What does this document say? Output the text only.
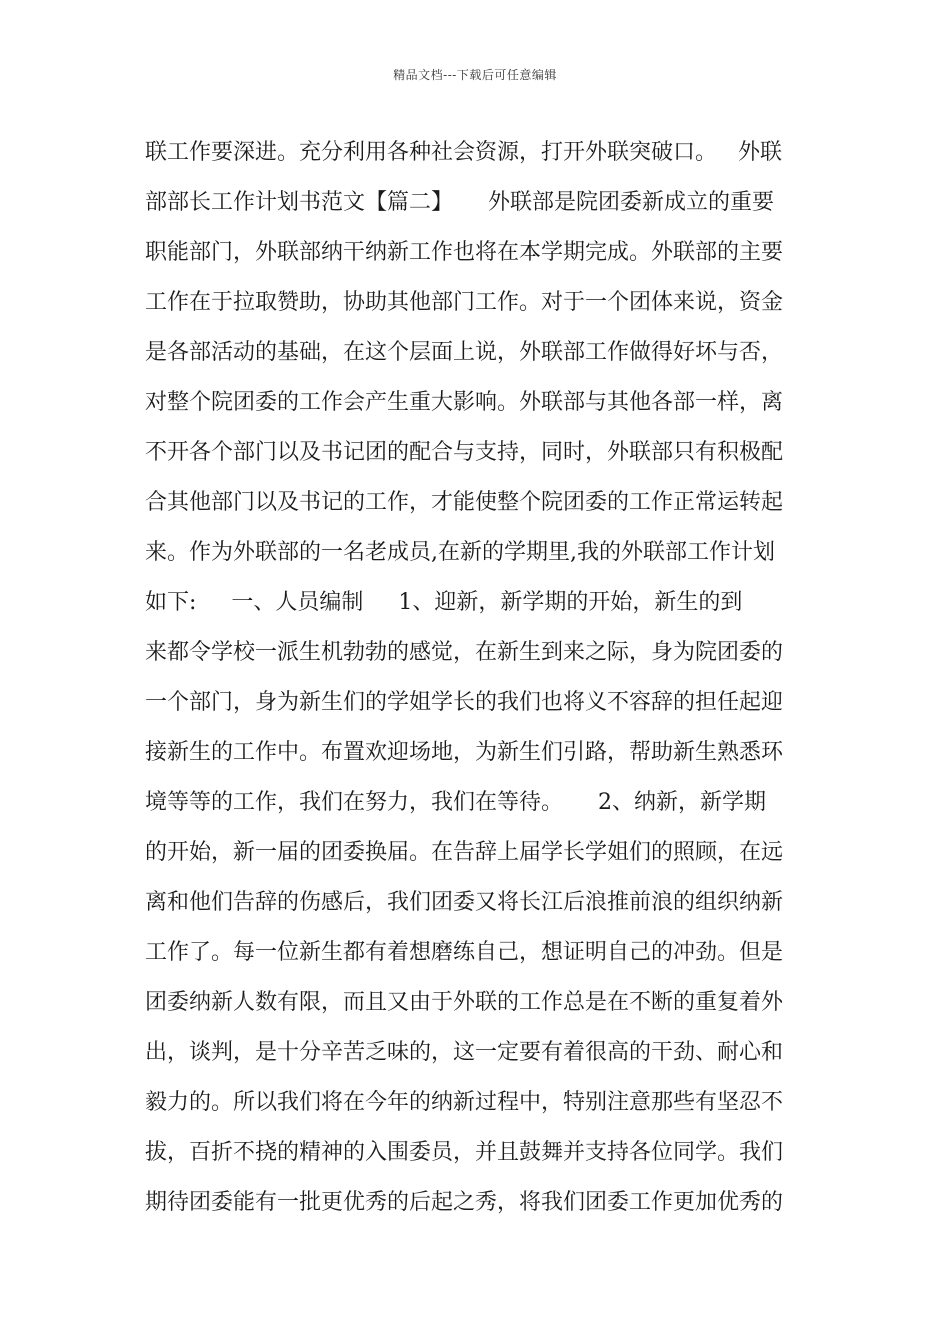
精品文档---下载后可任意编辑
联工作要深进。充分利用各种社会资源，打开外联突破口。   外联
部部长工作计划书范文【篇二】     外联部是院团委新成立的重要
职能部门，外联部纳干纳新工作也将在本学期完成。外联部的主要
工作在于拉取赞助，协助其他部门工作。对于一个团体来说，资金
是各部活动的基础，在这个层面上说，外联部工作做得好坏与否，
对整个院团委的工作会产生重大影响。外联部与其他各部一样，离
不开各个部门以及书记团的配合与支持，同时，外联部只有积极配
合其他部门以及书记的工作，才能使整个院团委的工作正常运转起
来。作为外联部的一名老成员,在新的学期里,我的外联部工作计划
如下:     一、人员编制     1、迎新，新学期的开始，新生的到
来都令学校一派生机勃勃的感觉，在新生到来之际，身为院团委的
一个部门，身为新生们的学姐学长的我们也将义不容辞的担任起迎
接新生的工作中。布置欢迎场地，为新生们引路，帮助新生熟悉环
境等等的工作，我们在努力，我们在等待。     2、纳新，新学期
的开始，新一届的团委换届。在告辞上届学长学姐们的照顾，在远
离和他们告辞的伤感后，我们团委又将长江后浪推前浪的组织纳新
工作了。每一位新生都有着想磨练自己，想证明自己的冲劲。但是
团委纳新人数有限，而且又由于外联的工作总是在不断的重复着外
出，谈判，是十分辛苦乏味的，这一定要有着很高的干劲、耐心和
毅力的。所以我们将在今年的纳新过程中，特别注意那些有坚忍不
拔，百折不挠的精神的入围委员，并且鼓舞并支持各位同学。我们
期待团委能有一批更优秀的后起之秀，将我们团委工作更加优秀的
